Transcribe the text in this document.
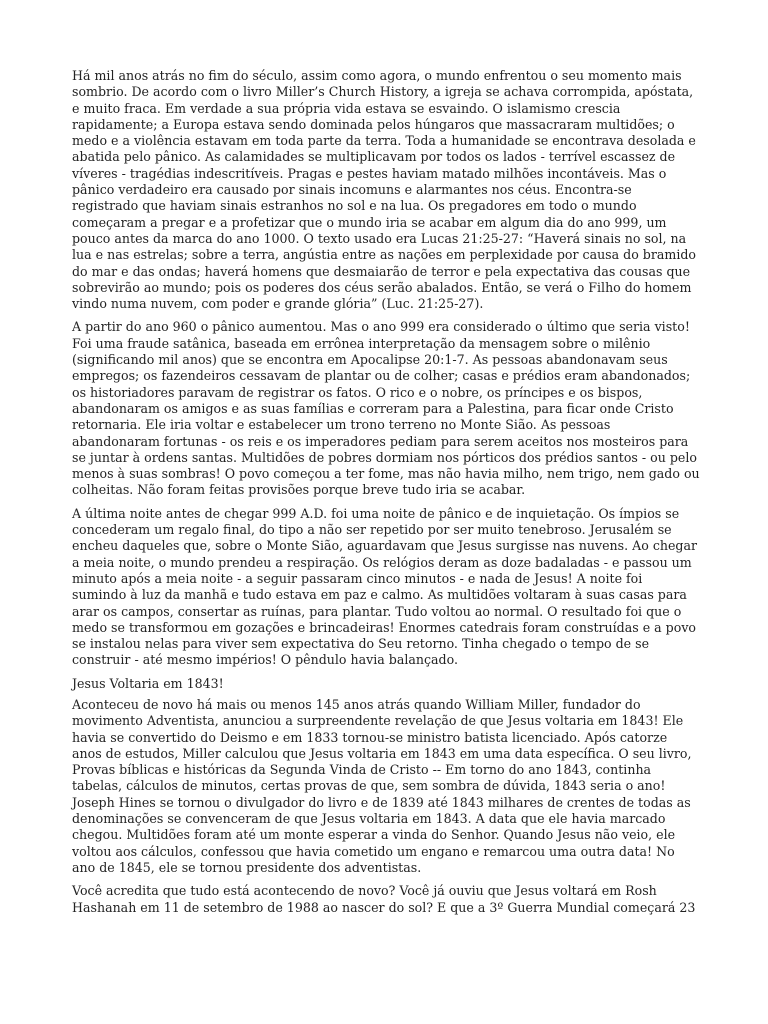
Há mil anos atrás no fim do século, assim como agora, o mundo enfrentou o seu momento mais sombrio. De acordo com o livro Miller’s Church History, a igreja se achava corrompida, apóstata, e muito fraca. Em verdade a sua própria vida estava se esvaindo. O islamismo crescia rapidamente; a Europa estava sendo dominada pelos húngaros que massacraram multidões; o medo e a violência estavam em toda parte da terra. Toda a humanidade se encontrava desolada e abatida pelo pânico. As calamidades se multiplicavam por todos os lados - terrível escassez de víveres - tragédias indescritíveis. Pragas e pestes haviam matado milhões incontáveis. Mas o pânico verdadeiro era causado por sinais incomuns e alarmantes nos céus. Encontra-se registrado que haviam sinais estranhos no sol e na lua. Os pregadores em todo o mundo começaram a pregar e a profetizar que o mundo iria se acabar em algum dia do ano 999, um pouco antes da marca do ano 1000. O texto usado era Lucas 21:25-27: “Haverá sinais no sol, na lua e nas estrelas; sobre a terra, angústia entre as nações em perplexidade por causa do bramido do mar e das ondas; haverá homens que desmaiarão de terror e pela expectativa das cousas que sobrevirão ao mundo; pois os poderes dos céus serão abalados. Então, se verá o Filho do homem vindo numa nuvem, com poder e grande glória” (Luc. 21:25-27).

A partir do ano 960 o pânico aumentou. Mas o ano 999 era considerado o último que seria visto! Foi uma fraude satânica, baseada em errônea interpretação da mensagem sobre o milênio (significando mil anos) que se encontra em Apocalipse 20:1-7. As pessoas abandonavam seus empregos; os fazendeiros cessavam de plantar ou de colher; casas e prédios eram abandonados; os historiadores paravam de registrar os fatos. O rico e o nobre, os príncipes e os bispos, abandonaram os amigos e as suas famílias e correram para a Palestina, para ficar onde Cristo retornaria. Ele iria voltar e estabelecer um trono terreno no Monte Sião. As pessoas abandonaram fortunas - os reis e os imperadores pediam para serem aceitos nos mosteiros para se juntar à ordens santas. Multidões de pobres dormiam nos pórticos dos prédios santos - ou pelo menos à suas sombras! O povo começou a ter fome, mas não havia milho, nem trigo, nem gado ou colheitas. Não foram feitas provisões porque breve tudo iria se acabar.

A última noite antes de chegar 999 A.D. foi uma noite de pânico e de inquietação. Os ímpios se concederam um regalo final, do tipo a não ser repetido por ser muito tenebroso. Jerusalém se encheu daqueles que, sobre o Monte Sião, aguardavam que Jesus surgisse nas nuvens. Ao chegar a meia noite, o mundo prendeu a respiração. Os relógios deram as doze badaladas - e passou um minuto após a meia noite - a seguir passaram cinco minutos - e nada de Jesus! A noite foi sumindo à luz da manhã e tudo estava em paz e calmo. As multidões voltaram à suas casas para arar os campos, consertar as ruínas, para plantar. Tudo voltou ao normal. O resultado foi que o medo se transformou em gozações e brincadeiras! Enormes catedrais foram construídas e a povo se instalou nelas para viver sem expectativa do Seu retorno. Tinha chegado o tempo de se construir - até mesmo impérios! O pêndulo havia balançado.

Jesus Voltaria em 1843!

Aconteceu de novo há mais ou menos 145 anos atrás quando William Miller, fundador do movimento Adventista, anunciou a surpreendente revelação de que Jesus voltaria em 1843! Ele havia se convertido do Deismo e em 1833 tornou-se ministro batista licenciado. Após catorze anos de estudos, Miller calculou que Jesus voltaria em 1843 em uma data específica. O seu livro, Provas bíblicas e históricas da Segunda Vinda de Cristo -- Em torno do ano 1843, continha tabelas, cálculos de minutos, certas provas de que, sem sombra de dúvida, 1843 seria o ano! Joseph Hines se tornou o divulgador do livro e de 1839 até 1843 milhares de crentes de todas as denominações se convenceram de que Jesus voltaria em 1843. A data que ele havia marcado chegou. Multidões foram até um monte esperar a vinda do Senhor. Quando Jesus não veio, ele voltou aos cálculos, confessou que havia cometido um engano e remarcou uma outra data! No ano de 1845, ele se tornou presidente dos adventistas.

Você acredita que tudo está acontecendo de novo? Você já ouviu que Jesus voltará em Rosh Hashanah em 11 de setembro de 1988 ao nascer do sol? E que a 3º Guerra Mundial começará 23
